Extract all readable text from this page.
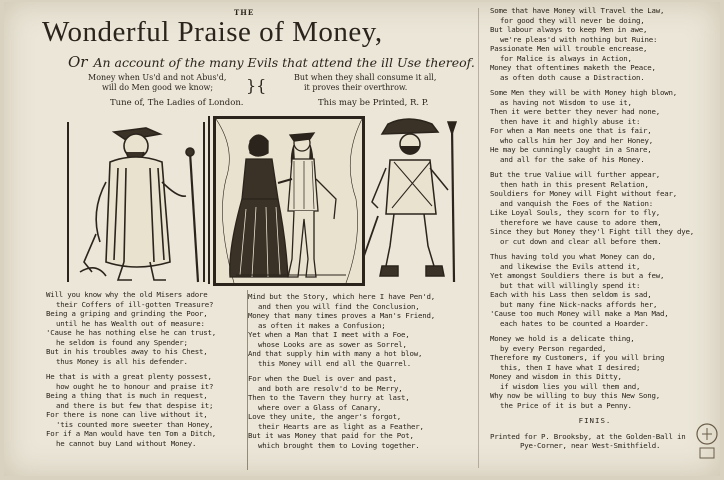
THE
Wonderful Praise of Money,
Or An account of the many Evils that attend the ill Use thereof.
Money when Us'd and not Abus'd,
will do Men good we know;	}{	But when they shall consume it all,
it proves their overthrow.
Tune of, The Ladies of London.	This may be Printed, R. P.
Will you know why the old Misers adore
their Coffers of ill-gotten Treasure?
Being a griping and grinding the Poor,
until he has Wealth out of measure:
'Cause he has nothing else he can trust,
he seldom is found any Spender;
But in his troubles away to his Chest,
thus Money is all his defender.
He that is with a great plenty possest,
how ought he to honour and praise it?
Being a thing that is much in request,
and there is but few that despise it;
For there is none can live without it,
'tis counted more sweeter than Honey,
For if a Man would have ten Tom a Ditch,
he cannot buy Land without Money.
Mind but the Story, which here I have Pen'd,
and then you will find the Conclusion,
Money that many times proves a Man's Friend,
as often it makes a Confusion;
Yet when a Man that I meet with a Foe,
whose Looks are as sower as Sorrel,
And that supply him with many a hot blow,
this Money will end all the Quarrel.
For when the Duel is over and past,
and both are resolv'd to be Merry,
Then to the Tavern they hurry at last,
where over a Glass of Canary,
Love they unite, the anger's forgot,
their Hearts are as light as a Feather,
But it was Money that paid for the Pot,
which brought them to Loving together.
Some that have Money will Travel the Law,
for good they will never be doing,
But labour always to keep Men in awe,
we're pleas'd with nothing but Ruine:
Passionate Men will trouble encrease,
for Malice is always in Action,
Money that oftentimes maketh the Peace,
as often doth cause a Distraction.
Some Men they will be with Money high blown,
as having not Wisdom to use it,
Then it were better they never had none,
then have it and highly abuse it:
For when a Man meets one that is fair,
who calls him her Joy and her Honey,
He may be cunningly caught in a Snare,
and all for the sake of his Money.
But the true Valiue will further appear,
then hath in this present Relation,
Souldiers for Money will Fight without fear,
and vanquish the Foes of the Nation:
Like Loyal Souls, they scorn for to fly,
therefore we have cause to adore them,
Since they but Money they'l Fight till they dye,
or cut down and clear all before them.
Thus having told you what Money can do,
and likewise the Evils attend it,
Yet amongst Souldiers there is but a few,
but that will willingly spend it:
Each with his Lass then seldom is sad,
but many fine Nick-nacks affords her,
'Cause too much Money will make a Man Mad,
each hates to be counted a Hoarder.
Money we hold is a delicate thing,
by every Person regarded,
Therefore my Customers, if you will bring
this, then I have what I desired;
Money and wisdom in this Ditty,
if wisdom lies you will them and,
Why now be willing to buy this New Song,
the Price of it is but a Penny.
FINIS.
Printed for P. Brooksby, at the Golden-Ball in
Pye-Corner, near West-Smithfield.
